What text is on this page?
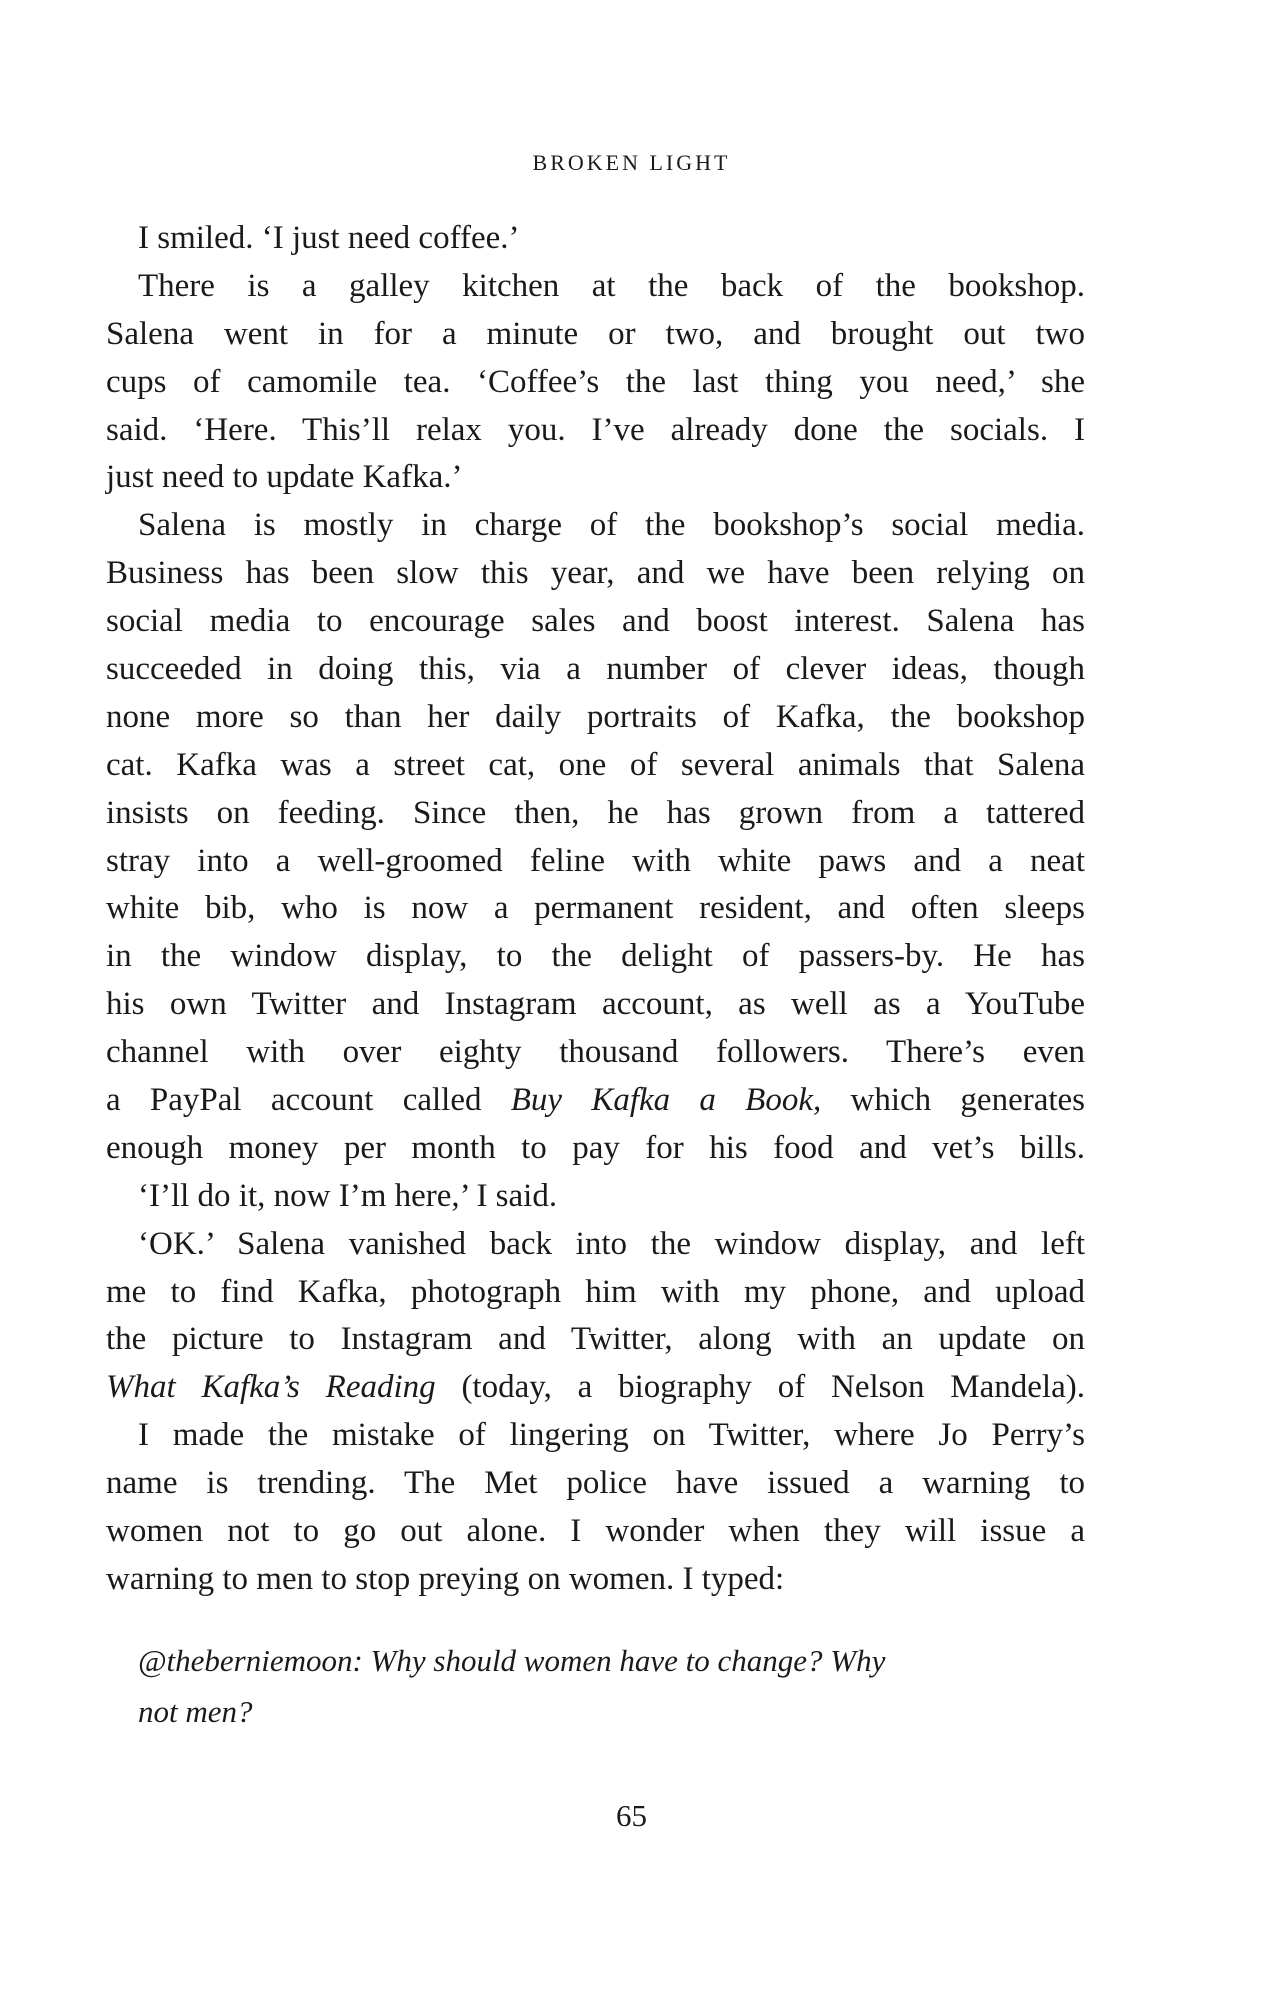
BROKEN LIGHT
I smiled. ‘I just need coffee.’
There is a galley kitchen at the back of the bookshop.
Salena went in for a minute or two, and brought out two
cups of camomile tea. ‘Coffee’s the last thing you need,’ she
said. ‘Here. This’ll relax you. I’ve already done the socials. I
just need to update Kafka.’
Salena is mostly in charge of the bookshop’s social media.
Business has been slow this year, and we have been relying on
social media to encourage sales and boost interest. Salena has
succeeded in doing this, via a number of clever ideas, though
none more so than her daily portraits of Kafka, the bookshop
cat. Kafka was a street cat, one of several animals that Salena
insists on feeding. Since then, he has grown from a tattered
stray into a well-groomed feline with white paws and a neat
white bib, who is now a permanent resident, and often sleeps
in the window display, to the delight of passers-by. He has
his own Twitter and Instagram account, as well as a YouTube
channel with over eighty thousand followers. There’s even
a PayPal account called Buy Kafka a Book, which generates
enough money per month to pay for his food and vet’s bills.
‘I’ll do it, now I’m here,’ I said.
‘OK.’ Salena vanished back into the window display, and left
me to find Kafka, photograph him with my phone, and upload
the picture to Instagram and Twitter, along with an update on
What Kafka’s Reading (today, a biography of Nelson Mandela).
I made the mistake of lingering on Twitter, where Jo Perry’s
name is trending. The Met police have issued a warning to
women not to go out alone. I wonder when they will issue a
warning to men to stop preying on women. I typed:
@theberniemoon: Why should women have to change? Why
not men?
65
